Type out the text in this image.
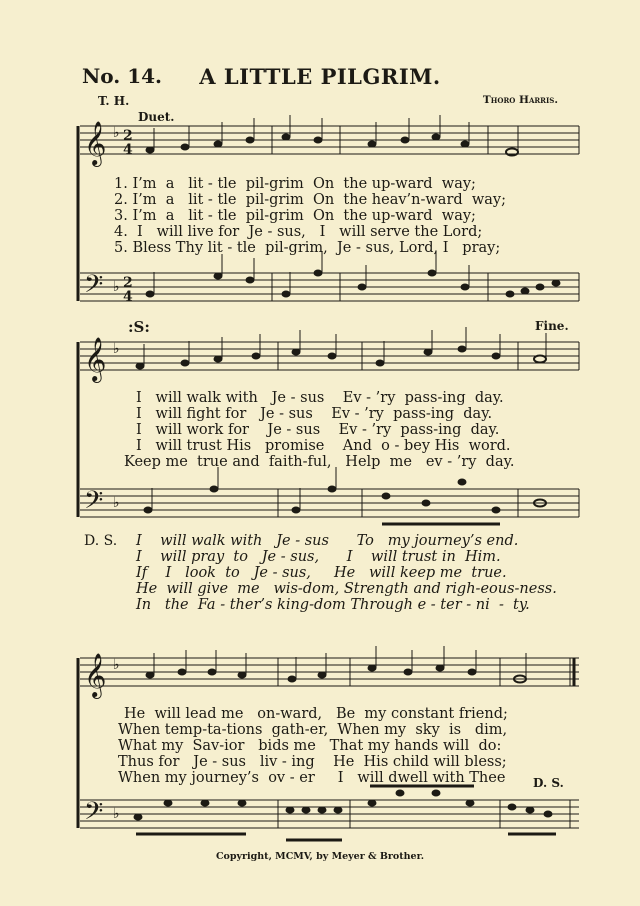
𝄞
𝄞
𝄞
𝄢
𝄢
𝄢
♭
♭
♭
♭
♭
♭
2
4
2
4
No. 14.	A LITTLE PILGRIM.
T. H.	Thoro Harris.
Duet.
:S:	Fine.
1. I’m  a   lit - tle  pil-grim  On  the up-ward  way;
2. I’m  a   lit - tle  pil-grim  On  the heav’n-ward  way;
3. I’m  a   lit - tle  pil-grim  On  the up-ward  way;
4.  I   will live for  Je - sus,   I   will serve the Lord;
5. Bless Thy lit - tle  pil-grim,  Je - sus, Lord, I   pray;
I   will walk with   Je - sus    Ev - ’ry  pass-ing  day.
I   will fight for   Je - sus    Ev - ’ry  pass-ing  day.
I   will work for    Je - sus    Ev - ’ry  pass-ing  day.
I   will trust His   promise    And  o - bey His  word.
Keep me  true and  faith-ful,   Help  me   ev - ’ry  day.
D. S. I    will walk with   Je - sus      To   my journey’s end.
I    will pray  to   Je - sus,      I    will trust in  Him.
If    I   look  to   Je - sus,     He   will keep me  true.
He  will give  me   wis-dom, Strength and righ-eous-ness.
In   the  Fa - ther’s king-dom Through e - ter - ni  -  ty.
He  will lead me   on-ward,   Be  my constant friend;
When temp-ta-tions  gath-er,  When my  sky  is   dim,
What my  Sav-ior   bids me   That my hands will  do:
Thus for   Je - sus   liv - ing    He  His child will bless;
When my journey’s  ov - er     I   will dwell with Thee D. S.
Copyright, MCMV, by Meyer & Brother.
